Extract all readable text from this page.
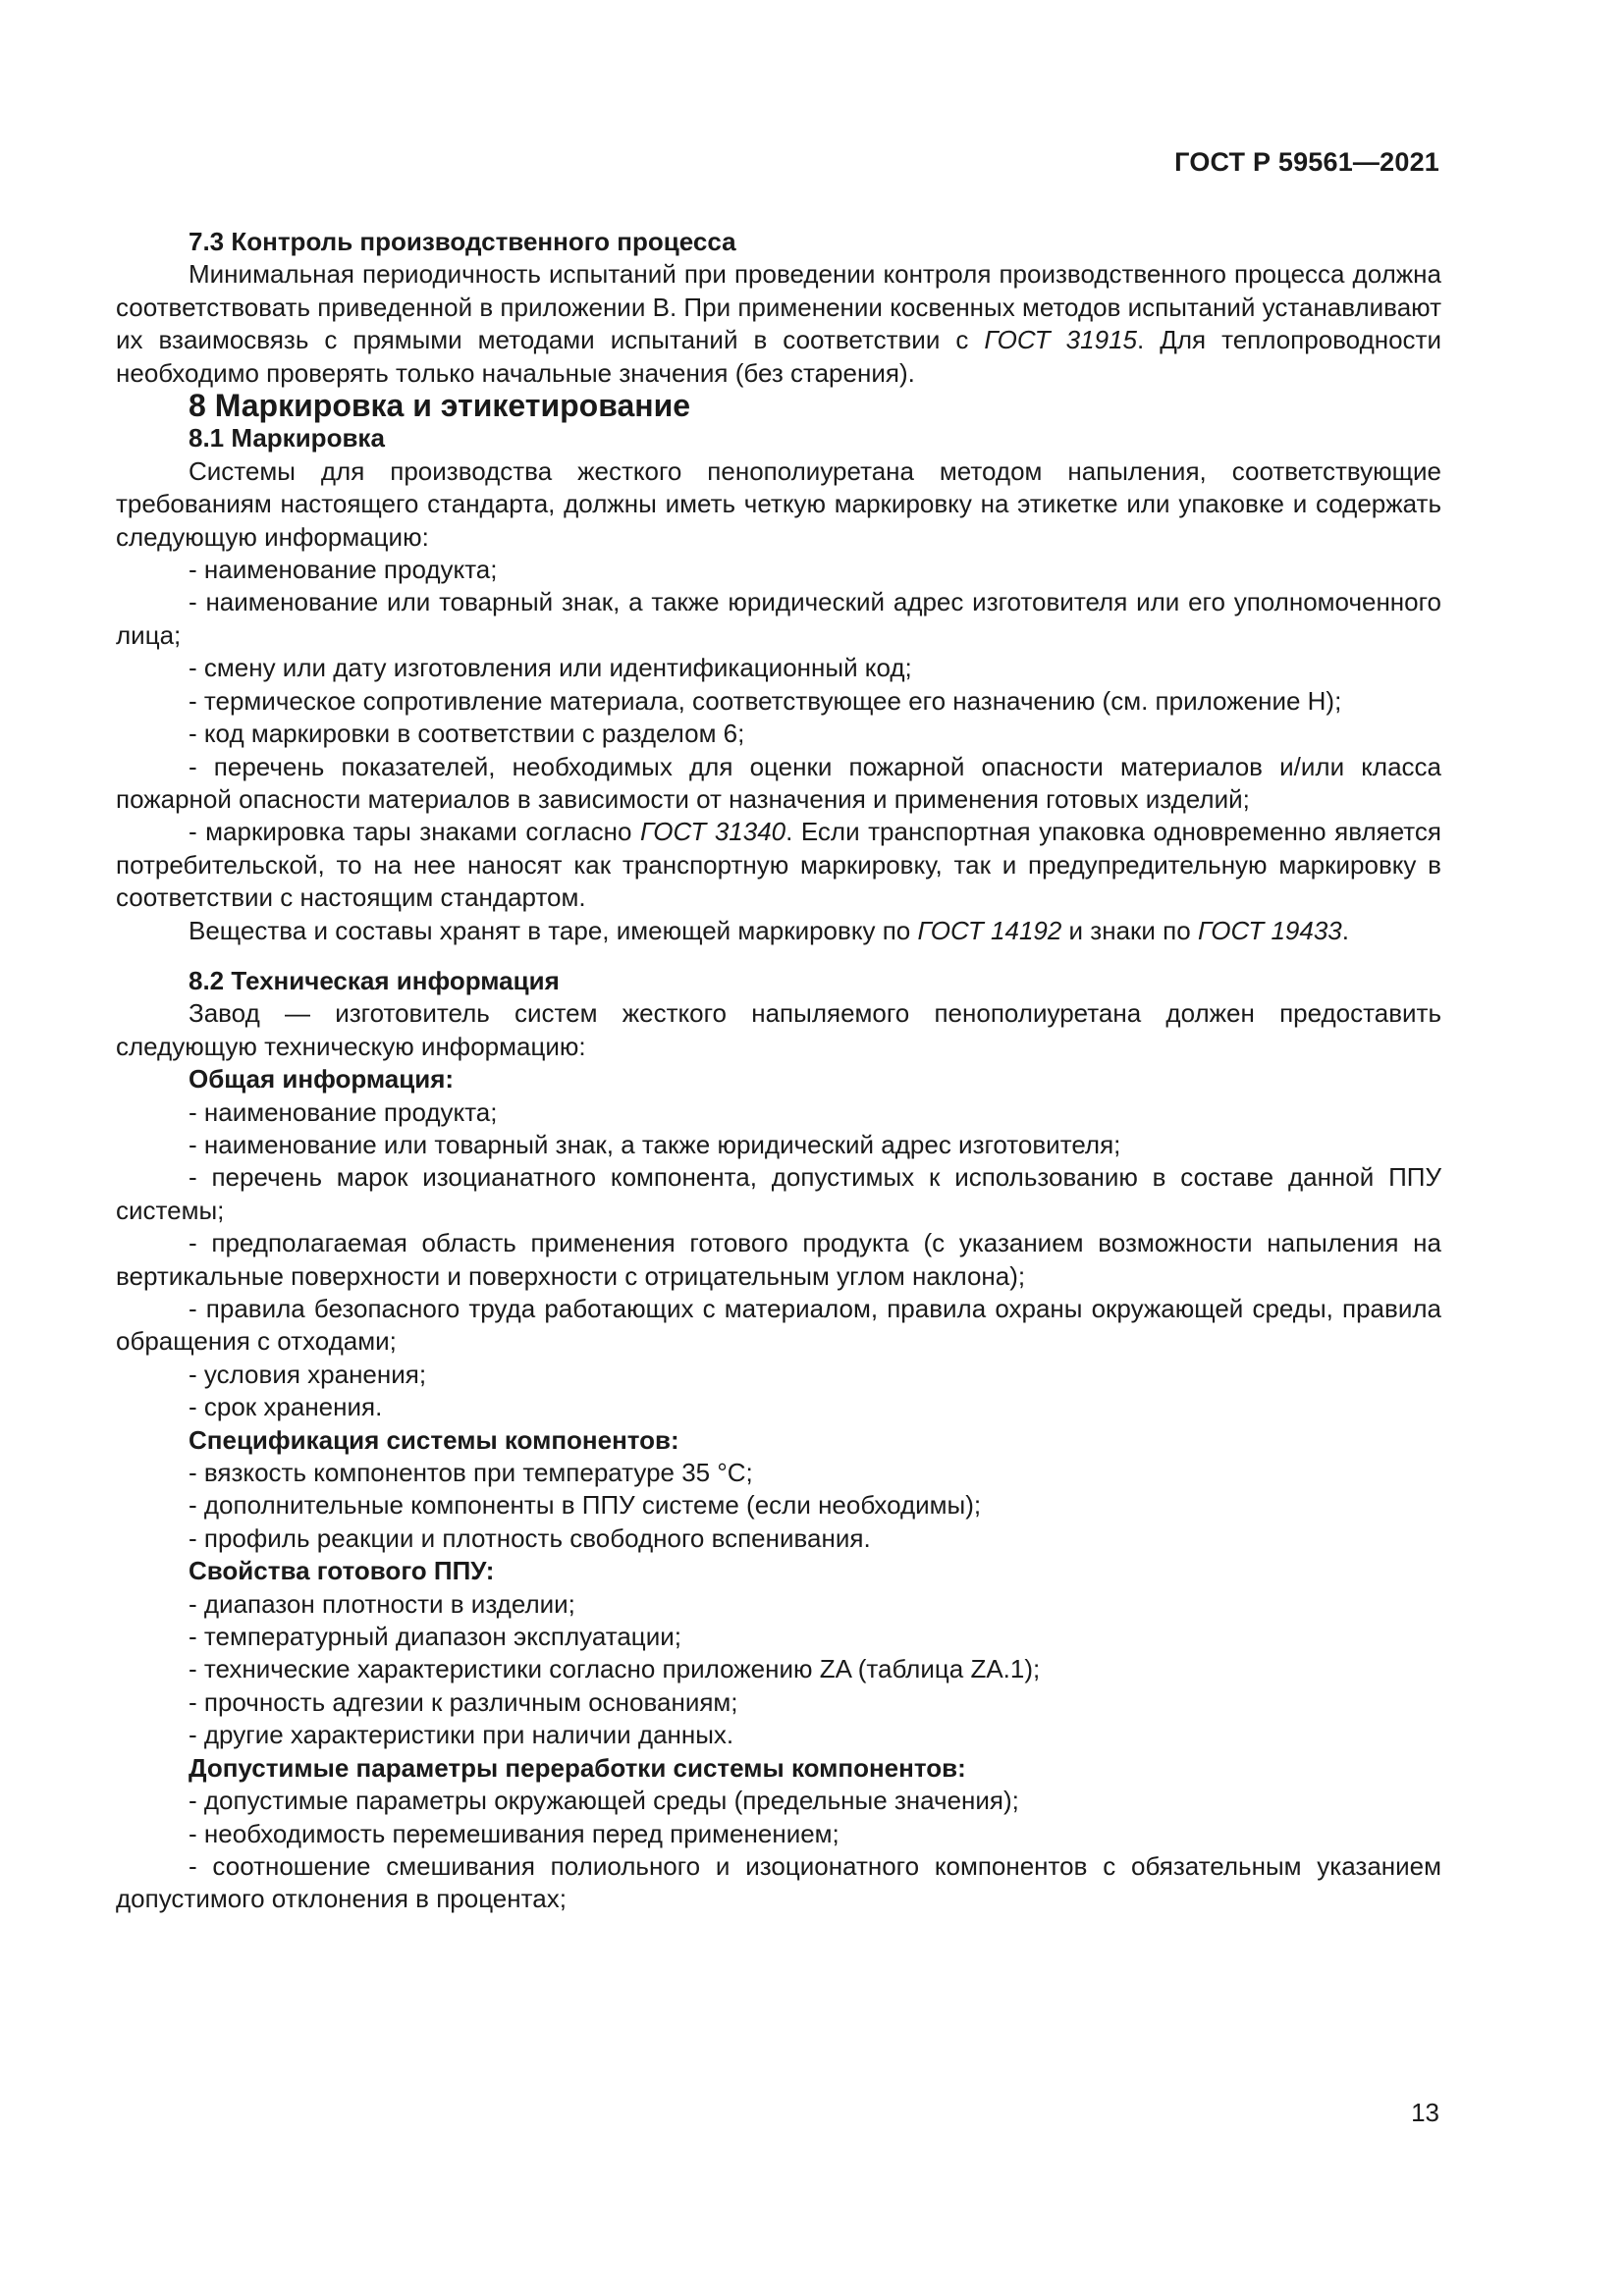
ГОСТ Р 59561—2021

7.3 Контроль производственного процесса

Минимальная периодичность испытаний при проведении контроля производственного процесса должна соответствовать приведенной в приложении В. При применении косвенных методов испытаний устанавливают их взаимосвязь с прямыми методами испытаний в соответствии с ГОСТ 31915. Для теплопроводности необходимо проверять только начальные значения (без старения).

8 Маркировка и этикетирование

8.1 Маркировка

Системы для производства жесткого пенополиуретана методом напыления, соответствующие требованиям настоящего стандарта, должны иметь четкую маркировку на этикетке или упаковке и содержать следующую информацию:

- наименование продукта;

- наименование или товарный знак, а также юридический адрес изготовителя или его уполномоченного лица;

- смену или дату изготовления или идентификационный код;

- термическое сопротивление материала, соответствующее его назначению (см. приложение Н);

- код маркировки в соответствии с разделом 6;

- перечень показателей, необходимых для оценки пожарной опасности материалов и/или класса пожарной опасности материалов в зависимости от назначения и применения готовых изделий;

- маркировка тары знаками согласно ГОСТ 31340. Если транспортная упаковка одновременно является потребительской, то на нее наносят как транспортную маркировку, так и предупредительную маркировку в соответствии с настоящим стандартом.

Вещества и составы хранят в таре, имеющей маркировку по ГОСТ 14192 и знаки по ГОСТ 19433.

8.2 Техническая информация

Завод — изготовитель систем жесткого напыляемого пенополиуретана должен предоставить следующую техническую информацию:

Общая информация:

- наименование продукта;

- наименование или товарный знак, а также юридический адрес изготовителя;

- перечень марок изоцианатного компонента, допустимых к использованию в составе данной ППУ системы;

- предполагаемая область применения готового продукта (с указанием возможности напыления на вертикальные поверхности и поверхности с отрицательным углом наклона);

- правила безопасного труда работающих с материалом, правила охраны окружающей среды, правила обращения с отходами;

- условия хранения;

- срок хранения.

Спецификация системы компонентов:

- вязкость компонентов при температуре 35 °С;

- дополнительные компоненты в ППУ системе (если необходимы);

- профиль реакции и плотность свободного вспенивания.

Свойства готового ППУ:

- диапазон плотности в изделии;

- температурный диапазон эксплуатации;

- технические характеристики согласно приложению ZA (таблица ZA.1);

- прочность адгезии к различным основаниям;

- другие характеристики при наличии данных.

Допустимые параметры переработки системы компонентов:

- допустимые параметры окружающей среды (предельные значения);

- необходимость перемешивания перед применением;

- соотношение смешивания полиольного и изоционатного компонентов с обязательным указанием допустимого отклонения в процентах;

13
